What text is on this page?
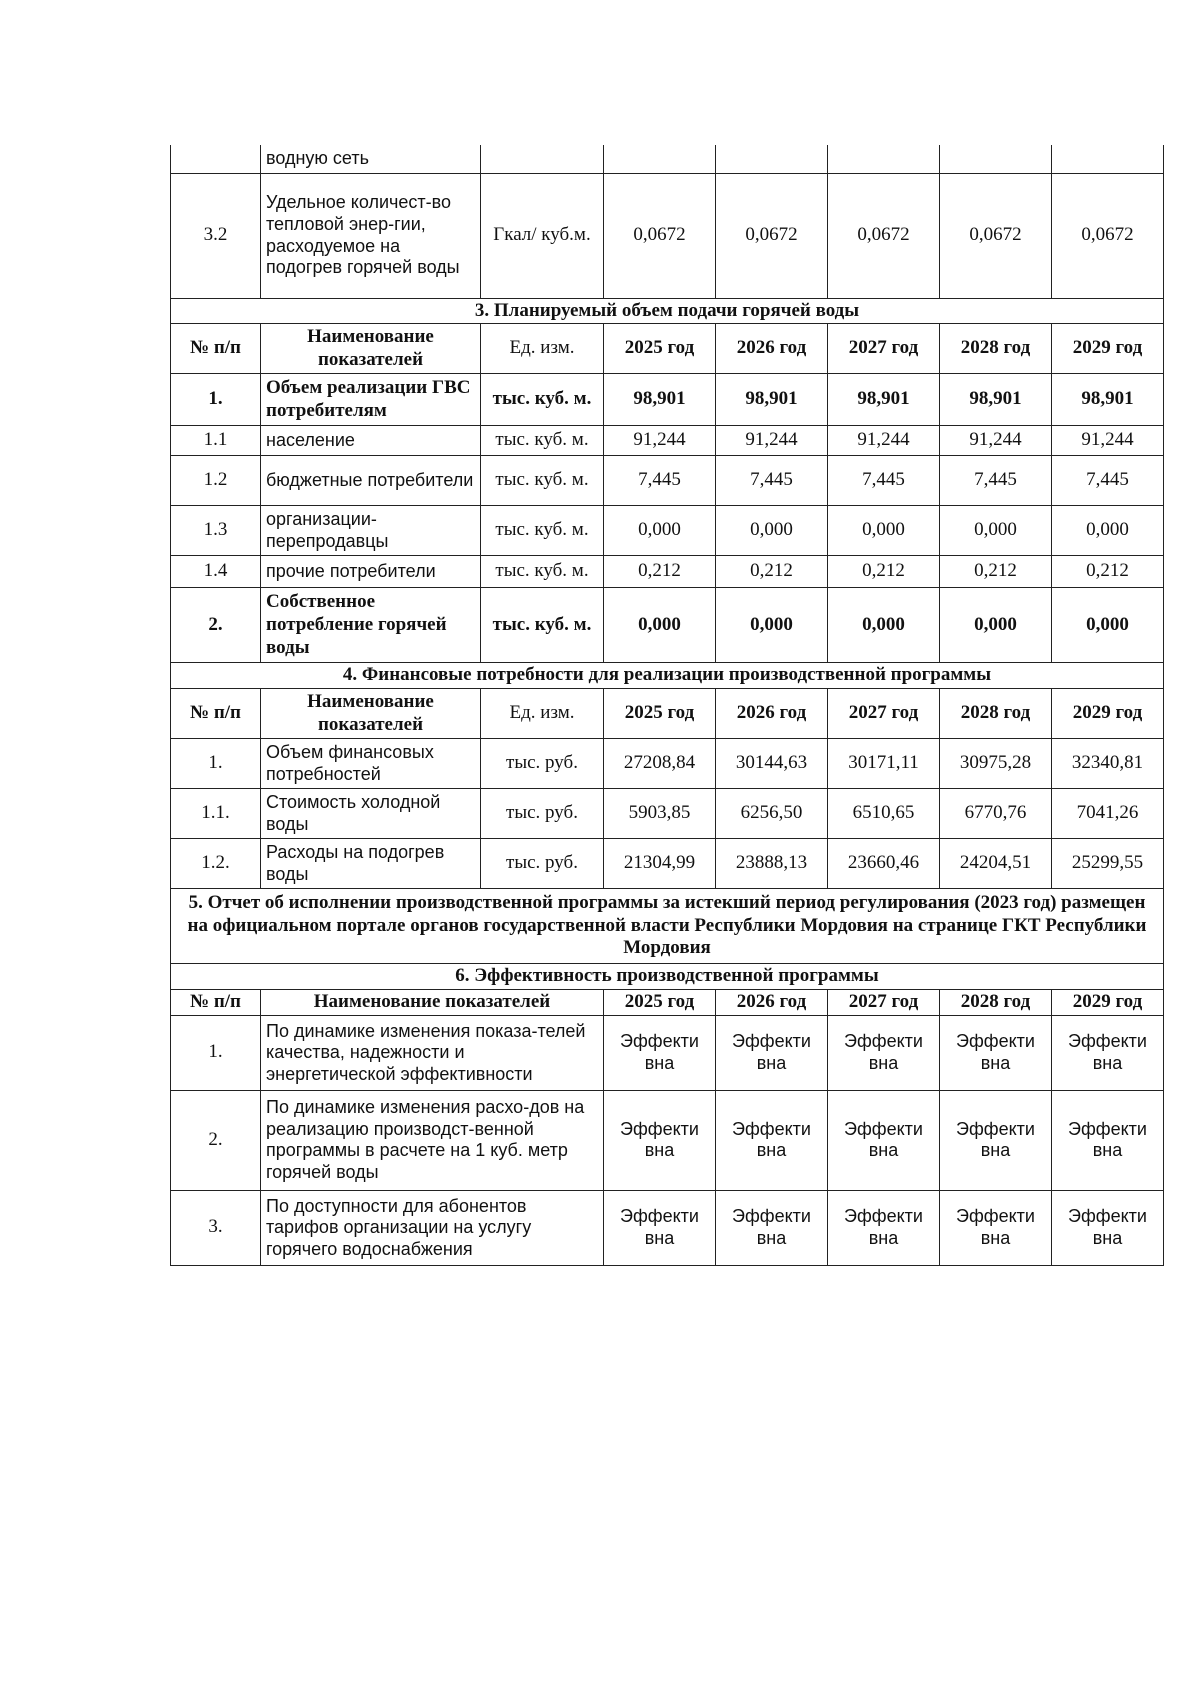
	водную сеть						
3.2	Удельное количест-во тепловой энер-гии, расходуемое на подогрев горячей воды	Гкал/ куб.м.	0,0672	0,0672	0,0672	0,0672	0,0672
3. Планируемый объем подачи горячей воды							
№ п/п	Наименование показателей	Ед. изм.	2025 год	2026 год	2027 год	2028 год	2029 год
1.	Объем реализации ГВС потребителям	тыс. куб. м.	98,901	98,901	98,901	98,901	98,901
1.1	население	тыс. куб. м.	91,244	91,244	91,244	91,244	91,244
1.2	бюджетные потребители	тыс. куб. м.	7,445	7,445	7,445	7,445	7,445
1.3	организации-перепродавцы	тыс. куб. м.	0,000	0,000	0,000	0,000	0,000
1.4	прочие потребители	тыс. куб. м.	0,212	0,212	0,212	0,212	0,212
2.	Собственное потребление горячей воды	тыс. куб. м.	0,000	0,000	0,000	0,000	0,000
4. Финансовые потребности для реализации производственной программы							
№ п/п	Наименование показателей	Ед. изм.	2025 год	2026 год	2027 год	2028 год	2029 год
1.	Объем финансовых потребностей	тыс. руб.	27208,84	30144,63	30171,11	30975,28	32340,81
1.1.	Стоимость холодной воды	тыс. руб.	5903,85	6256,50	6510,65	6770,76	7041,26
1.2.	Расходы на подогрев воды	тыс. руб.	21304,99	23888,13	23660,46	24204,51	25299,55
5. Отчет об исполнении производственной программы за истекший период регулирования (2023 год) размещен на официальном портале органов государственной власти Республики Мордовия на странице ГКТ Республики Мордовия							
6. Эффективность производственной программы							
№ п/п	Наименование показателей		2025 год	2026 год	2027 год	2028 год	2029 год
1.	По динамике изменения показа-телей качества, надежности и энергетической эффективности		Эффекти вна	Эффекти вна	Эффекти вна	Эффекти вна	Эффекти вна
2.	По динамике изменения расхо-дов на реализацию производст-венной программы в расчете на 1 куб. метр горячей воды		Эффекти вна	Эффекти вна	Эффекти вна	Эффекти вна	Эффекти вна
3.	По доступности для абонентов тарифов организации на услугу горячего водоснабжения		Эффекти вна	Эффекти вна	Эффекти вна	Эффекти вна	Эффекти вна
